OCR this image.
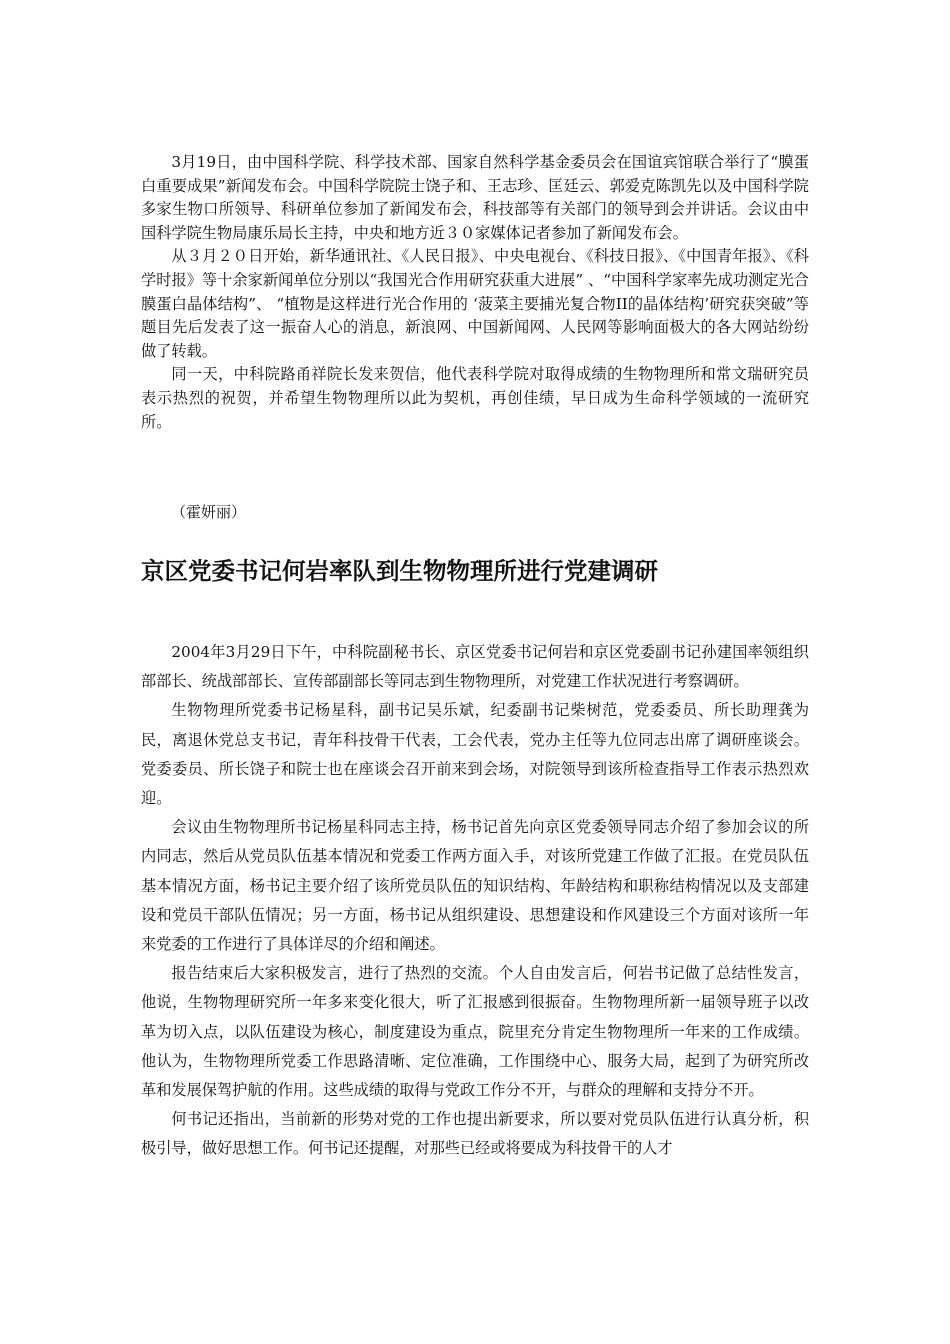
3月19日，由中国科学院、科学技术部、国家自然科学基金委员会在国谊宾馆联合举行了“膜蛋白重要成果”新闻发布会。中国科学院院士饶子和、王志珍、匡廷云、郭爱克陈凯先以及中国科学院多家生物口所领导、科研单位参加了新闻发布会，科技部等有关部门的领导到会并讲话。会议由中国科学院生物局康乐局长主持，中央和地方近３０家媒体记者参加了新闻发布会。

从３月２０日开始，新华通讯社、《人民日报》、中央电视台、《科技日报》、《中国青年报》、《科学时报》等十余家新闻单位分别以“我国光合作用研究获重大进展” 、“中国科学家率先成功测定光合膜蛋白晶体结构”、 “植物是这样进行光合作用的 ‘菠菜主要捕光复合物II的晶体结构’研究获突破”等题目先后发表了这一振奋人心的消息，新浪网、中国新闻网、人民网等影响面极大的各大网站纷纷做了转载。

同一天，中科院路甬祥院长发来贺信，他代表科学院对取得成绩的生物物理所和常文瑞研究员表示热烈的祝贺，并希望生物物理所以此为契机，再创佳绩，早日成为生命科学领域的一流研究所。

（霍妍丽）
京区党委书记何岩率队到生物物理所进行党建调研

2004年3月29日下午，中科院副秘书长、京区党委书记何岩和京区党委副书记孙建国率领组织部部长、统战部部长、宣传部副部长等同志到生物物理所，对党建工作状况进行考察调研。

生物物理所党委书记杨星科，副书记吴乐斌，纪委副书记柴树范，党委委员、所长助理龚为民，离退休党总支书记，青年科技骨干代表，工会代表，党办主任等九位同志出席了调研座谈会。党委委员、所长饶子和院士也在座谈会召开前来到会场，对院领导到该所检查指导工作表示热烈欢迎。

会议由生物物理所书记杨星科同志主持，杨书记首先向京区党委领导同志介绍了参加会议的所内同志，然后从党员队伍基本情况和党委工作两方面入手，对该所党建工作做了汇报。在党员队伍基本情况方面，杨书记主要介绍了该所党员队伍的知识结构、年龄结构和职称结构情况以及支部建设和党员干部队伍情况；另一方面，杨书记从组织建设、思想建设和作风建设三个方面对该所一年来党委的工作进行了具体详尽的介绍和阐述。

报告结束后大家积极发言，进行了热烈的交流。个人自由发言后，何岩书记做了总结性发言，他说，生物物理研究所一年多来变化很大，听了汇报感到很振奋。生物物理所新一届领导班子以改革为切入点，以队伍建设为核心，制度建设为重点，院里充分肯定生物物理所一年来的工作成绩。他认为，生物物理所党委工作思路清晰、定位准确，工作围绕中心、服务大局，起到了为研究所改革和发展保驾护航的作用。这些成绩的取得与党政工作分不开，与群众的理解和支持分不开。

何书记还指出，当前新的形势对党的工作也提出新要求，所以要对党员队伍进行认真分析，积极引导，做好思想工作。何书记还提醒，对那些已经或将要成为科技骨干的人才
